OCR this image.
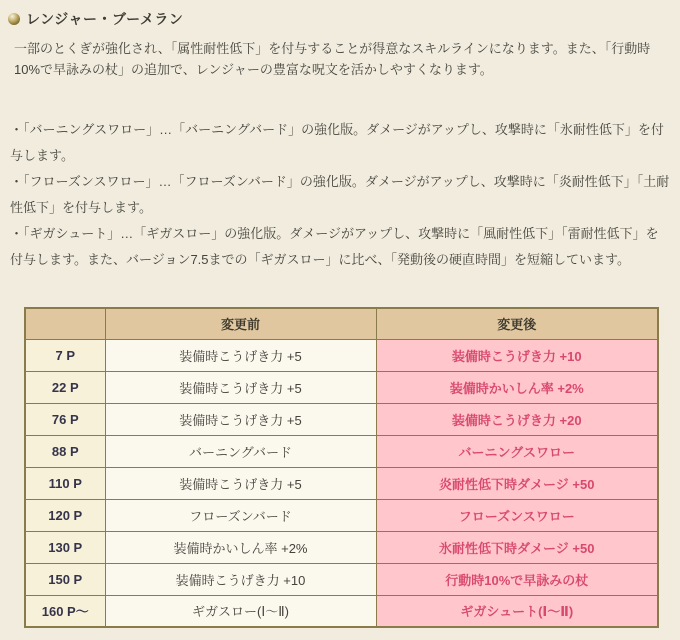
レンジャー・ブーメラン

一部のとくぎが強化され、「属性耐性低下」を付与することが得意なスキルラインになります。また、「行動時10%で早詠みの杖」の追加で、レンジャーの豊富な呪文を活かしやすくなります。

・「バーニングスワロー」…「バーニングバード」の強化版。ダメージがアップし、攻撃時に「氷耐性低下」を付与します。

・「フローズンスワロー」…「フローズンバード」の強化版。ダメージがアップし、攻撃時に「炎耐性低下」「土耐性低下」を付与します。

・「ギガシュート」…「ギガスロー」の強化版。ダメージがアップし、攻撃時に「風耐性低下」「雷耐性低下」を付与します。また、バージョン7.5までの「ギガスロー」に比べ、「発動後の硬直時間」を短縮しています。

	変更前	変更後
7 P	装備時こうげき力 +5	装備時こうげき力 +10
22 P	装備時こうげき力 +5	装備時かいしん率 +2%
76 P	装備時こうげき力 +5	装備時こうげき力 +20
88 P	バーニングバード	バーニングスワロー
110 P	装備時こうげき力 +5	炎耐性低下時ダメージ +50
120 P	フローズンバード	フローズンスワロー
130 P	装備時かいしん率 +2%	氷耐性低下時ダメージ +50
150 P	装備時こうげき力 +10	行動時10%で早詠みの杖
160 P～	ギガスロー(Ⅰ～Ⅱ)	ギガシュート(Ⅰ～Ⅱ)
